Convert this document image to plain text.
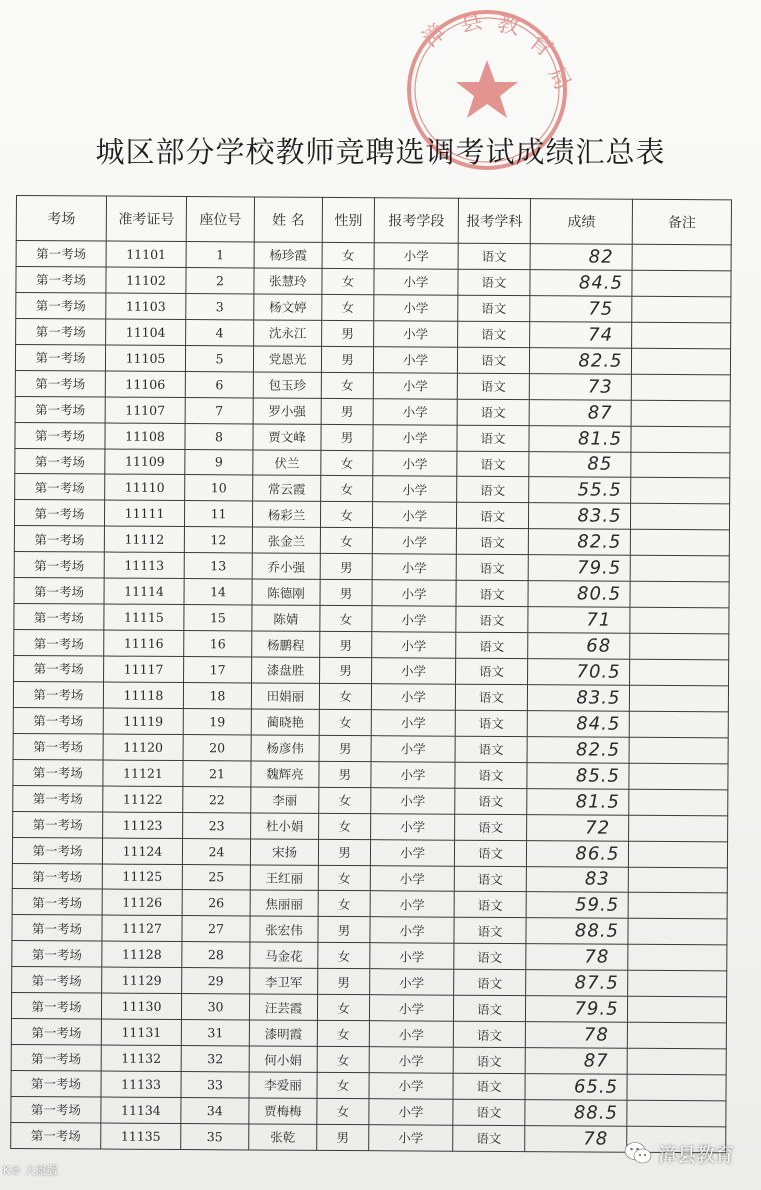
漳 县 教
育
局
城区部分学校教师竞聘选调考试成绩汇总表
考场	准考证号	座位号	姓 名	性别	报考学段	报考学科	成绩	备注
第一考场	11101	1	杨珍霞	女	小学	语文	82	
第一考场	11102	2	张慧玲	女	小学	语文	84.5	
第一考场	11103	3	杨文婷	女	小学	语文	75	
第一考场	11104	4	沈永江	男	小学	语文	74	
第一考场	11105	5	党恩光	男	小学	语文	82.5	
第一考场	11106	6	包玉珍	女	小学	语文	73	
第一考场	11107	7	罗小强	男	小学	语文	87	
第一考场	11108	8	贾文峰	男	小学	语文	81.5	
第一考场	11109	9	伏兰	女	小学	语文	85	
第一考场	11110	10	常云霞	女	小学	语文	55.5	
第一考场	11111	11	杨彩兰	女	小学	语文	83.5	
第一考场	11112	12	张金兰	女	小学	语文	82.5	
第一考场	11113	13	乔小强	男	小学	语文	79.5	
第一考场	11114	14	陈德刚	男	小学	语文	80.5	
第一考场	11115	15	陈婧	女	小学	语文	71	
第一考场	11116	16	杨鹏程	男	小学	语文	68	
第一考场	11117	17	漆盘胜	男	小学	语文	70.5	
第一考场	11118	18	田娟丽	女	小学	语文	83.5	
第一考场	11119	19	蔺晓艳	女	小学	语文	84.5	
第一考场	11120	20	杨彦伟	男	小学	语文	82.5	
第一考场	11121	21	魏辉亮	男	小学	语文	85.5	
第一考场	11122	22	李丽	女	小学	语文	81.5	
第一考场	11123	23	杜小娟	女	小学	语文	72	
第一考场	11124	24	宋扬	男	小学	语文	86.5	
第一考场	11125	25	王红丽	女	小学	语文	83	
第一考场	11126	26	焦丽丽	女	小学	语文	59.5	
第一考场	11127	27	张宏伟	男	小学	语文	88.5	
第一考场	11128	28	马金花	女	小学	语文	78	
第一考场	11129	29	李卫军	男	小学	语文	87.5	
第一考场	11130	30	汪芸霞	女	小学	语文	79.5	
第一考场	11131	31	漆明霞	女	小学	语文	78	
第一考场	11132	32	何小娟	女	小学	语文	87	
第一考场	11133	33	李爱丽	女	小学	语文	65.5	
第一考场	11134	34	贾梅梅	女	小学	语文	88.5	
第一考场	11135	35	张乾	男	小学	语文	78	
K© 大風號
漳县教育
